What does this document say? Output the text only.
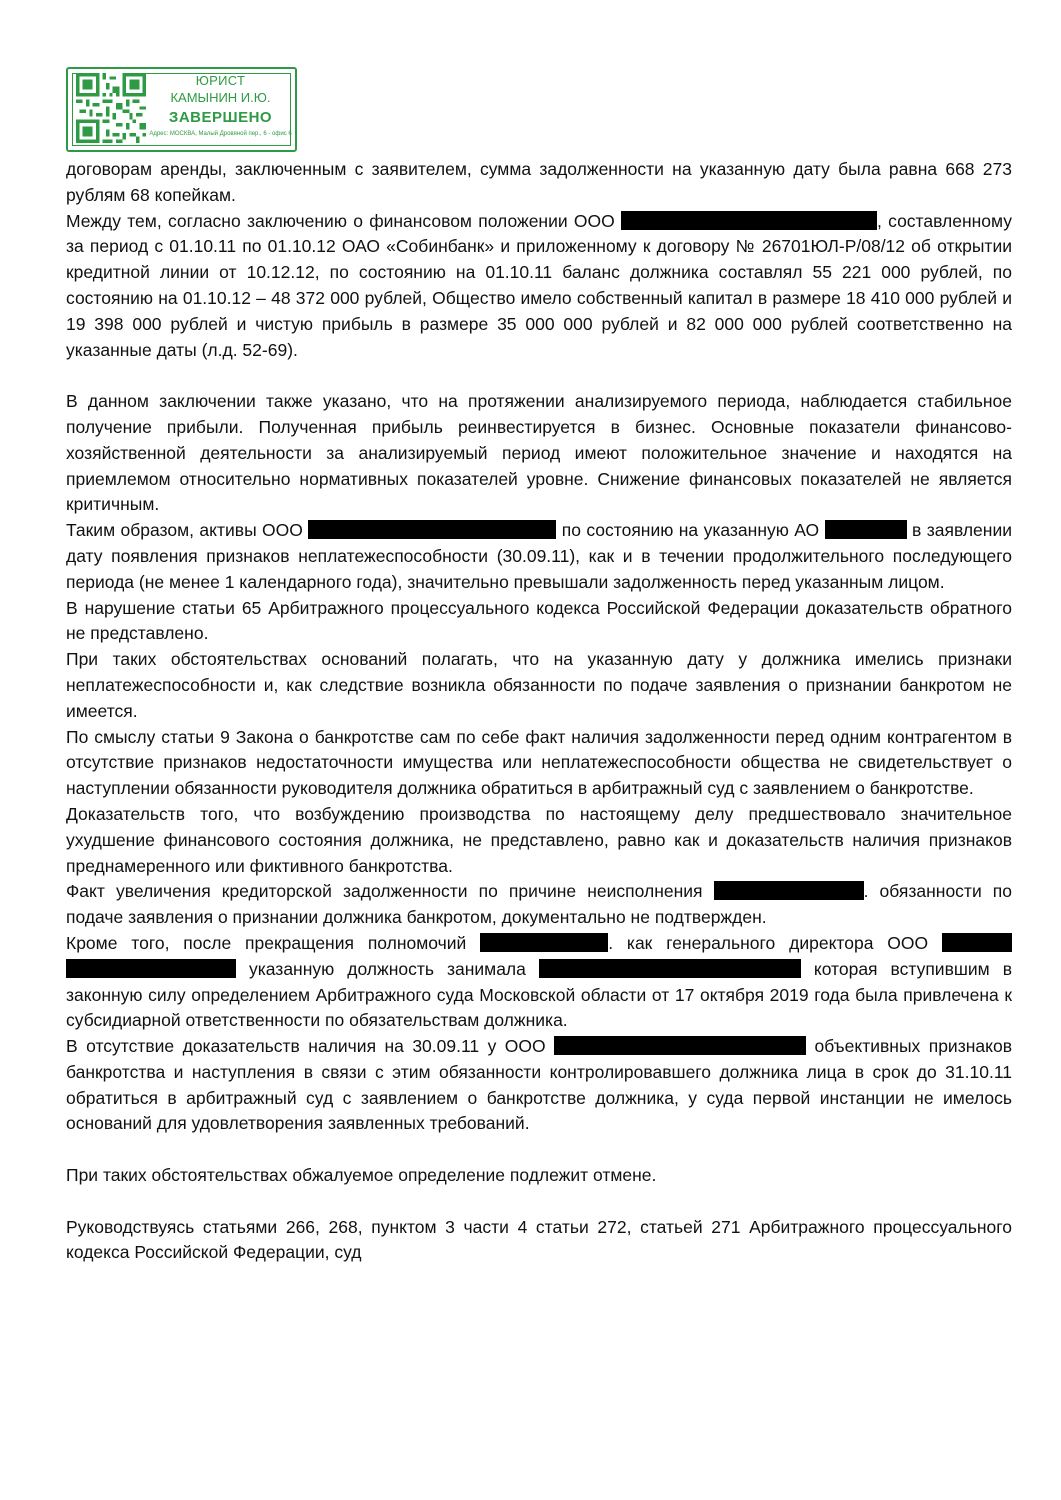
ЮРИСТ
КАМЫНИН И.Ю.
ЗАВЕРШЕНО
Адрес: МОСКВА, Малый Дровяной пер., 6 - офис 6

договорам аренды, заключенным с заявителем, сумма задолженности на указанную дату была равна 668 273 рублям 68 копейкам.

Между тем, согласно заключению о финансовом положении ООО	, составленному за период с 01.10.11 по 01.10.12 ОАО «Собинбанк» и приложенному к договору № 26701ЮЛ-Р/08/12 об открытии кредитной линии от 10.12.12, по состоянию на 01.10.11 баланс должника составлял 55 221 000 рублей, по состоянию на 01.10.12 – 48 372 000 рублей, Общество имело собственный капитал в размере 18 410 000 рублей и 19 398 000 рублей и чистую прибыль в размере 35 000 000 рублей и 82 000 000 рублей соответственно на указанные даты (л.д. 52-69).

В данном заключении также указано, что на протяжении анализируемого периода, наблюдается стабильное получение прибыли. Полученная прибыль реинвестируется в бизнес. Основные показатели финансово-хозяйственной деятельности за анализируемый период имеют положительное значение и находятся на приемлемом относительно нормативных показателей уровне. Снижение финансовых показателей не является критичным.

Таким образом, активы ООО	по состоянию на указанную АО	в заявлении дату появления признаков неплатежеспособности (30.09.11), как и в течении продолжительного последующего периода (не менее 1 календарного года), значительно превышали задолженность перед указанным лицом.

В нарушение статьи 65 Арбитражного процессуального кодекса Российской Федерации доказательств обратного не представлено.

При таких обстоятельствах оснований полагать, что на указанную дату у должника имелись признаки неплатежеспособности и, как следствие возникла обязанности по подаче заявления о признании банкротом не имеется.

По смыслу статьи 9 Закона о банкротстве сам по себе факт наличия задолженности перед одним контрагентом в отсутствие признаков недостаточности имущества или неплатежеспособности общества не свидетельствует о наступлении обязанности руководителя должника обратиться в арбитражный суд с заявлением о банкротстве.

Доказательств того, что возбуждению производства по настоящему делу предшествовало значительное ухудшение финансового состояния должника, не представлено, равно как и доказательств наличия признаков преднамеренного или фиктивного банкротства.

Факт увеличения кредиторской задолженности по причине неисполнения	. обязанности по подаче заявления о признании должника банкротом, документально не подтвержден.

Кроме того, после прекращения полномочий	. как генерального директора ООО  указанную должность занимала	которая вступившим в законную силу определением Арбитражного суда Московской области от 17 октября 2019 года была привлечена к субсидиарной ответственности по обязательствам должника.

В отсутствие доказательств наличия на 30.09.11 у ООО	объективных признаков банкротства и наступления в связи с этим обязанности контролировавшего должника лица в срок до 31.10.11 обратиться в арбитражный суд с заявлением о банкротстве должника, у суда первой инстанции не имелось оснований для удовлетворения заявленных требований.

При таких обстоятельствах обжалуемое определение подлежит отмене.

Руководствуясь статьями 266, 268, пунктом 3 части 4 статьи 272, статьей 271 Арбитражного процессуального кодекса Российской Федерации, суд
